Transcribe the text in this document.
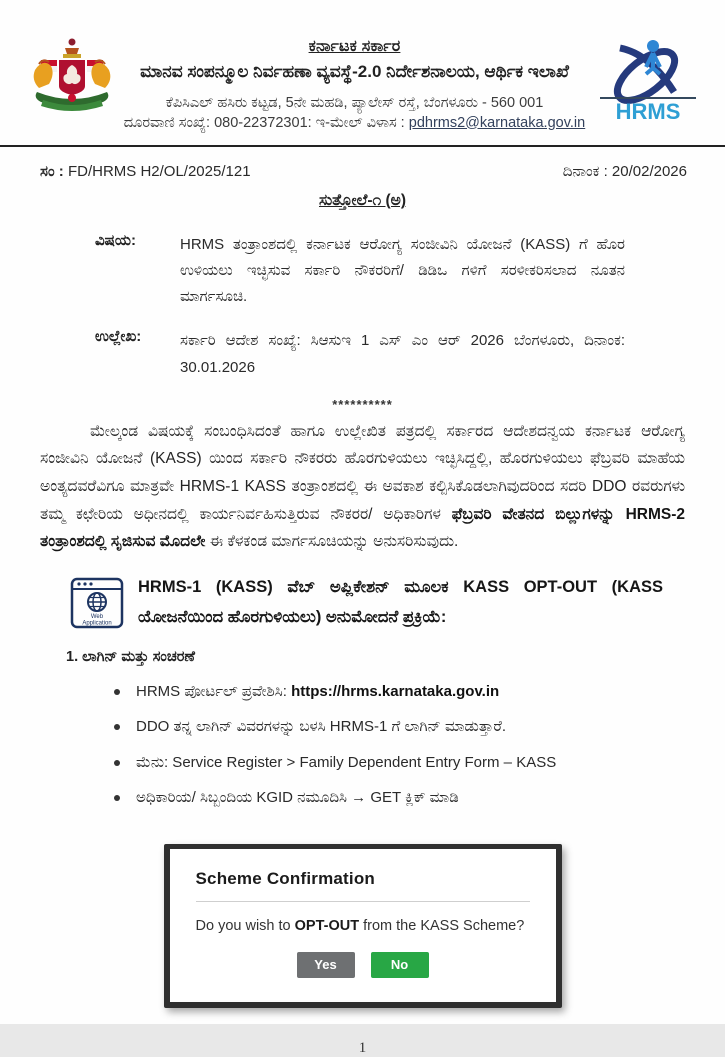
ಕರ್ನಾಟಕ ಸರ್ಕಾರ
ಮಾನವ ಸಂಪನ್ಮೂಲ ನಿರ್ವಹಣಾ ವ್ಯವಸ್ಥೆ-2.0 ನಿರ್ದೇಶನಾಲಯ, ಆರ್ಥಿಕ ಇಲಾಖೆ
ಕೆಪಿಸಿಎಲ್ ಹಸಿರು ಕಟ್ಟಡ, 5ನೇ ಮಹಡಿ, ಪ್ಯಾಲೇಸ್ ರಸ್ತೆ, ಬೆಂಗಳೂರು - 560 001
ದೂರವಾಣಿ ಸಂಖ್ಯೆ: 080-22372301: ಇ-ಮೇಲ್ ವಿಳಾಸ : pdhrms2@karnataka.gov.in HRMS
ಸಂ : FD/HRMS H2/OL/2025/121	ದಿನಾಂಕ : 20/02/2026
ಸುತ್ತೋಲೆ-೧ (ಅ)
ವಿಷಯ:	HRMS ತಂತ್ರಾಂಶದಲ್ಲಿ ಕರ್ನಾಟಕ ಆರೋಗ್ಯ ಸಂಜೀವಿನಿ ಯೋಜನೆ (KASS) ಗೆ ಹೊರ ಉಳಿಯಲು ಇಚ್ಛಿಸುವ ಸರ್ಕಾರಿ ನೌಕರರಿಗೆ/ ಡಿಡಿಒ ಗಳಿಗೆ ಸರಳೀಕರಿಸಲಾದ ನೂತನ ಮಾರ್ಗಸೂಚಿ.
ಉಲ್ಲೇಖ:	ಸರ್ಕಾರಿ ಆದೇಶ ಸಂಖ್ಯೆ: ಸಿಆಸುಇ 1 ಎಸ್ ಎಂ ಆರ್ 2026 ಬೆಂಗಳೂರು, ದಿನಾಂಕ: 30.01.2026
**********

ಮೇಲ್ಕಂಡ ವಿಷಯಕ್ಕೆ ಸಂಬಂಧಿಸಿದಂತೆ ಹಾಗೂ ಉಲ್ಲೇಖಿತ ಪತ್ರದಲ್ಲಿ ಸರ್ಕಾರದ ಆದೇಶದನ್ವಯ ಕರ್ನಾಟಕ ಆರೋಗ್ಯ ಸಂಜೀವಿನಿ ಯೋಜನೆ (KASS) ಯಿಂದ ಸರ್ಕಾರಿ ನೌಕರರು ಹೊರಗುಳಿಯಲು ಇಚ್ಛಿಸಿದ್ದಲ್ಲಿ, ಹೊರಗುಳಿಯಲು ಫೆಬ್ರವರಿ ಮಾಹೆಯ ಅಂತ್ಯದವರೆವಿಗೂ ಮಾತ್ರವೇ HRMS-1 KASS ತಂತ್ರಾಂಶದಲ್ಲಿ ಈ ಅವಕಾಶ ಕಲ್ಪಿಸಿಕೊಡಲಾಗಿವುದರಿಂದ ಸದರಿ DDO ರವರುಗಳು ತಮ್ಮ ಕಛೇರಿಯ ಅಧೀನದಲ್ಲಿ ಕಾರ್ಯನಿರ್ವಹಿಸುತ್ತಿರುವ ನೌಕರರ/ ಅಧಿಕಾರಿಗಳ ಫೆಬ್ರವರಿ ವೇತನದ ಬಿಲ್ಲುಗಳನ್ನು HRMS-2 ತಂತ್ರಾಂಶದಲ್ಲಿ ಸೃಜಿಸುವ ಮೊದಲೇ ಈ ಕೆಳಕಂಡ ಮಾರ್ಗಸೂಚಿಯನ್ನು ಅನುಸರಿಸುವುದು.

Web
Application
HRMS-1 (KASS) ವೆಬ್ ಅಪ್ಲಿಕೇಶನ್ ಮೂಲಕ KASS OPT-OUT (KASS ಯೋಜನೆಯಿಂದ ಹೊರಗುಳಿಯಲು) ಅನುಮೋದನೆ ಪ್ರಕ್ರಿಯೆ:
1. ಲಾಗಿನ್ ಮತ್ತು ಸಂಚರಣೆ
HRMS ಪೋರ್ಟಲ್ ಪ್ರವೇಶಿಸಿ: https://hrms.karnataka.gov.in
DDO ತನ್ನ ಲಾಗಿನ್ ವಿವರಗಳನ್ನು ಬಳಸಿ HRMS-1 ಗೆ ಲಾಗಿನ್ ಮಾಡುತ್ತಾರೆ.
ಮೆನು: Service Register > Family Dependent Entry Form – KASS
ಅಧಿಕಾರಿಯ/ ಸಿಬ್ಬಂದಿಯ KGID ನಮೂದಿಸಿ → GET ಕ್ಲಿಕ್ ಮಾಡಿ
Scheme Confirmation
Do you wish to OPT-OUT from the KASS Scheme?
Yes	No
1
